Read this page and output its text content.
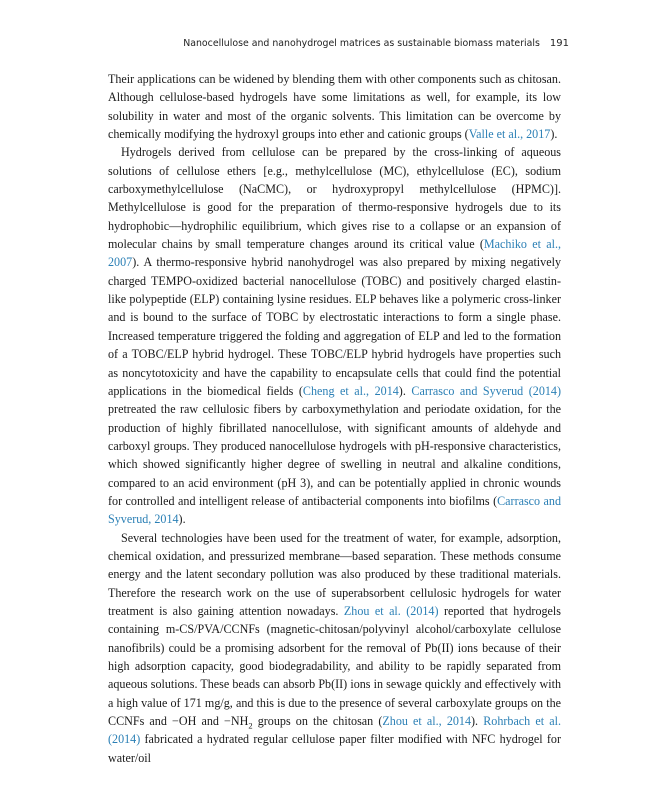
Nanocellulose and nanohydrogel matrices as sustainable biomass materials 191

Their applications can be widened by blending them with other components such as chitosan. Although cellulose-based hydrogels have some limitations as well, for example, its low solubility in water and most of the organic solvents. This limitation can be overcome by chemically modifying the hydroxyl groups into ether and cationic groups (Valle et al., 2017).

Hydrogels derived from cellulose can be prepared by the cross-linking of aqueous solutions of cellulose ethers [e.g., methylcellulose (MC), ethylcellulose (EC), sodium carboxymethylcellulose (NaCMC), or hydroxypropyl methylcellulose (HPMC)]. Methylcellulose is good for the preparation of thermo-responsive hydrogels due to its hydrophobic—hydrophilic equilibrium, which gives rise to a collapse or an expansion of molecular chains by small temperature changes around its critical value (Machiko et al., 2007). A thermo-responsive hybrid nanohydrogel was also prepared by mixing negatively charged TEMPO-oxidized bacterial nanocellulose (TOBC) and positively charged elastin-like polypeptide (ELP) containing lysine residues. ELP behaves like a polymeric cross-linker and is bound to the surface of TOBC by electrostatic interactions to form a single phase. Increased temperature triggered the folding and aggregation of ELP and led to the formation of a TOBC/ELP hybrid hydrogel. These TOBC/ELP hybrid hydrogels have properties such as noncytotoxicity and have the capability to encapsulate cells that could find the potential applications in the biomedical fields (Cheng et al., 2014). Carrasco and Syverud (2014) pretreated the raw cellulosic fibers by carboxymethylation and periodate oxidation, for the production of highly fibrillated nanocellulose, with significant amounts of aldehyde and carboxyl groups. They produced nanocellulose hydrogels with pH-responsive characteristics, which showed significantly higher degree of swelling in neutral and alkaline conditions, compared to an acid environment (pH 3), and can be potentially applied in chronic wounds for controlled and intelligent release of antibacterial components into biofilms (Carrasco and Syverud, 2014).

Several technologies have been used for the treatment of water, for example, adsorption, chemical oxidation, and pressurized membrane—based separation. These methods consume energy and the latent secondary pollution was also produced by these traditional materials. Therefore the research work on the use of superabsorbent cellulosic hydrogels for water treatment is also gaining attention nowadays. Zhou et al. (2014) reported that hydrogels containing m-CS/PVA/CCNFs (magnetic-chitosan/polyvinyl alcohol/carboxylate cellulose nanofibrils) could be a promising adsorbent for the removal of Pb(II) ions because of their high adsorption capacity, good biodegradability, and ability to be rapidly separated from aqueous solutions. These beads can absorb Pb(II) ions in sewage quickly and effectively with a high value of 171 mg/g, and this is due to the presence of several carboxylate groups on the CCNFs and −OH and $-NH_2$ groups on the chitosan (Zhou et al., 2014). Rohrbach et al. (2014) fabricated a hydrated regular cellulose paper filter modified with NFC hydrogel for water/oil
